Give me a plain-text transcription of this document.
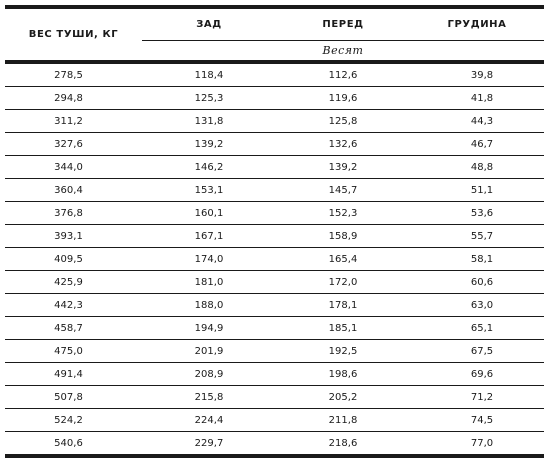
ВЕС ТУШИ, КГ	ЗАД	ПЕРЕД	ГРУДИНА
	Весят		
278,5	118,4	112,6	39,8
294,8	125,3	119,6	41,8
311,2	131,8	125,8	44,3
327,6	139,2	132,6	46,7
344,0	146,2	139,2	48,8
360,4	153,1	145,7	51,1
376,8	160,1	152,3	53,6
393,1	167,1	158,9	55,7
409,5	174,0	165,4	58,1
425,9	181,0	172,0	60,6
442,3	188,0	178,1	63,0
458,7	194,9	185,1	65,1
475,0	201,9	192,5	67,5
491,4	208,9	198,6	69,6
507,8	215,8	205,2	71,2
524,2	224,4	211,8	74,5
540,6	229,7	218,6	77,0
